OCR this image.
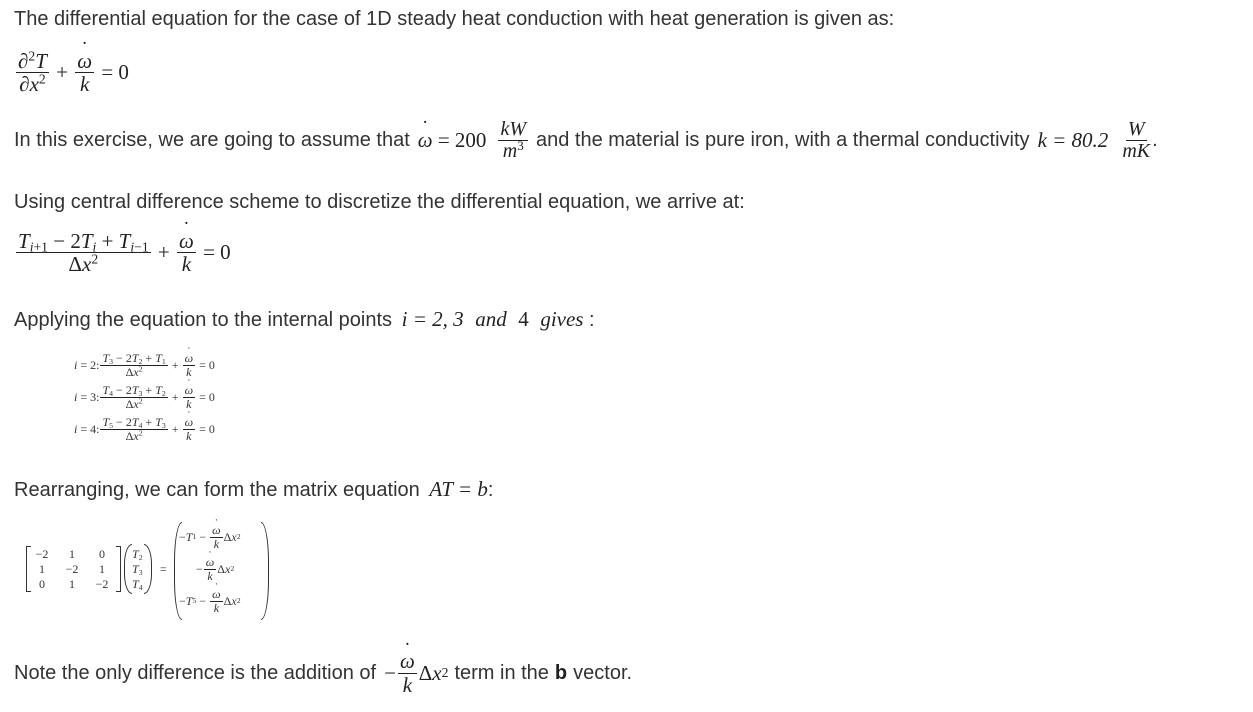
The differential equation for the case of 1D steady heat conduction with heat generation is given as:
$\frac{\partial^2T}{\partial x^2}$ + ˙ $\frac{\omega}{k} = 0$
In this exercise, we are going to assume that ˙ $\omega = 200 \frac{kW}{m^3}$ and the material is pure iron, with a thermal conductivity $k = 80.2 \frac{W}{mK}$ .
Using central difference scheme to discretize the differential equation, we arrive at:
$\frac{T_{i+1} - 2T_i + T_{i-1}}{\Delta x^2}$ + ˙ $\frac{\omega}{k} = 0$
Applying the equation to the internal points i = 2, 3 and 4 gives :
i = 2: $\frac{T_3 - 2T_2 + T_1}{\Delta x^2}$ + ˙ $\frac{\omega}{k} = 0$
i = 3: $\frac{T_4 - 2T_3 + T_2}{\Delta x^2}$ + ˙ $\frac{\omega}{k} = 0$
i = 4: $\frac{T_5 - 2T_4 + T_3}{\Delta x^2}$ + ˙ $\frac{\omega}{k} = 0$
Rearranging, we can form the matrix equation AT = b:
−2	1	0
1	−2	1
0	1	−2
$T_2$
$T_3$
$T_4$
=
− T 1 − ˙ $\frac{\omega}{k}$ Δ x 2
− ˙ $\frac{\omega}{k}$ Δ x 2
− T 5 − ˙ $\frac{\omega}{k}$ Δ x 2
Note the only difference is the addition of − ˙ $\frac{\omega}{k}$ Δ x 2 term in the b vector.
